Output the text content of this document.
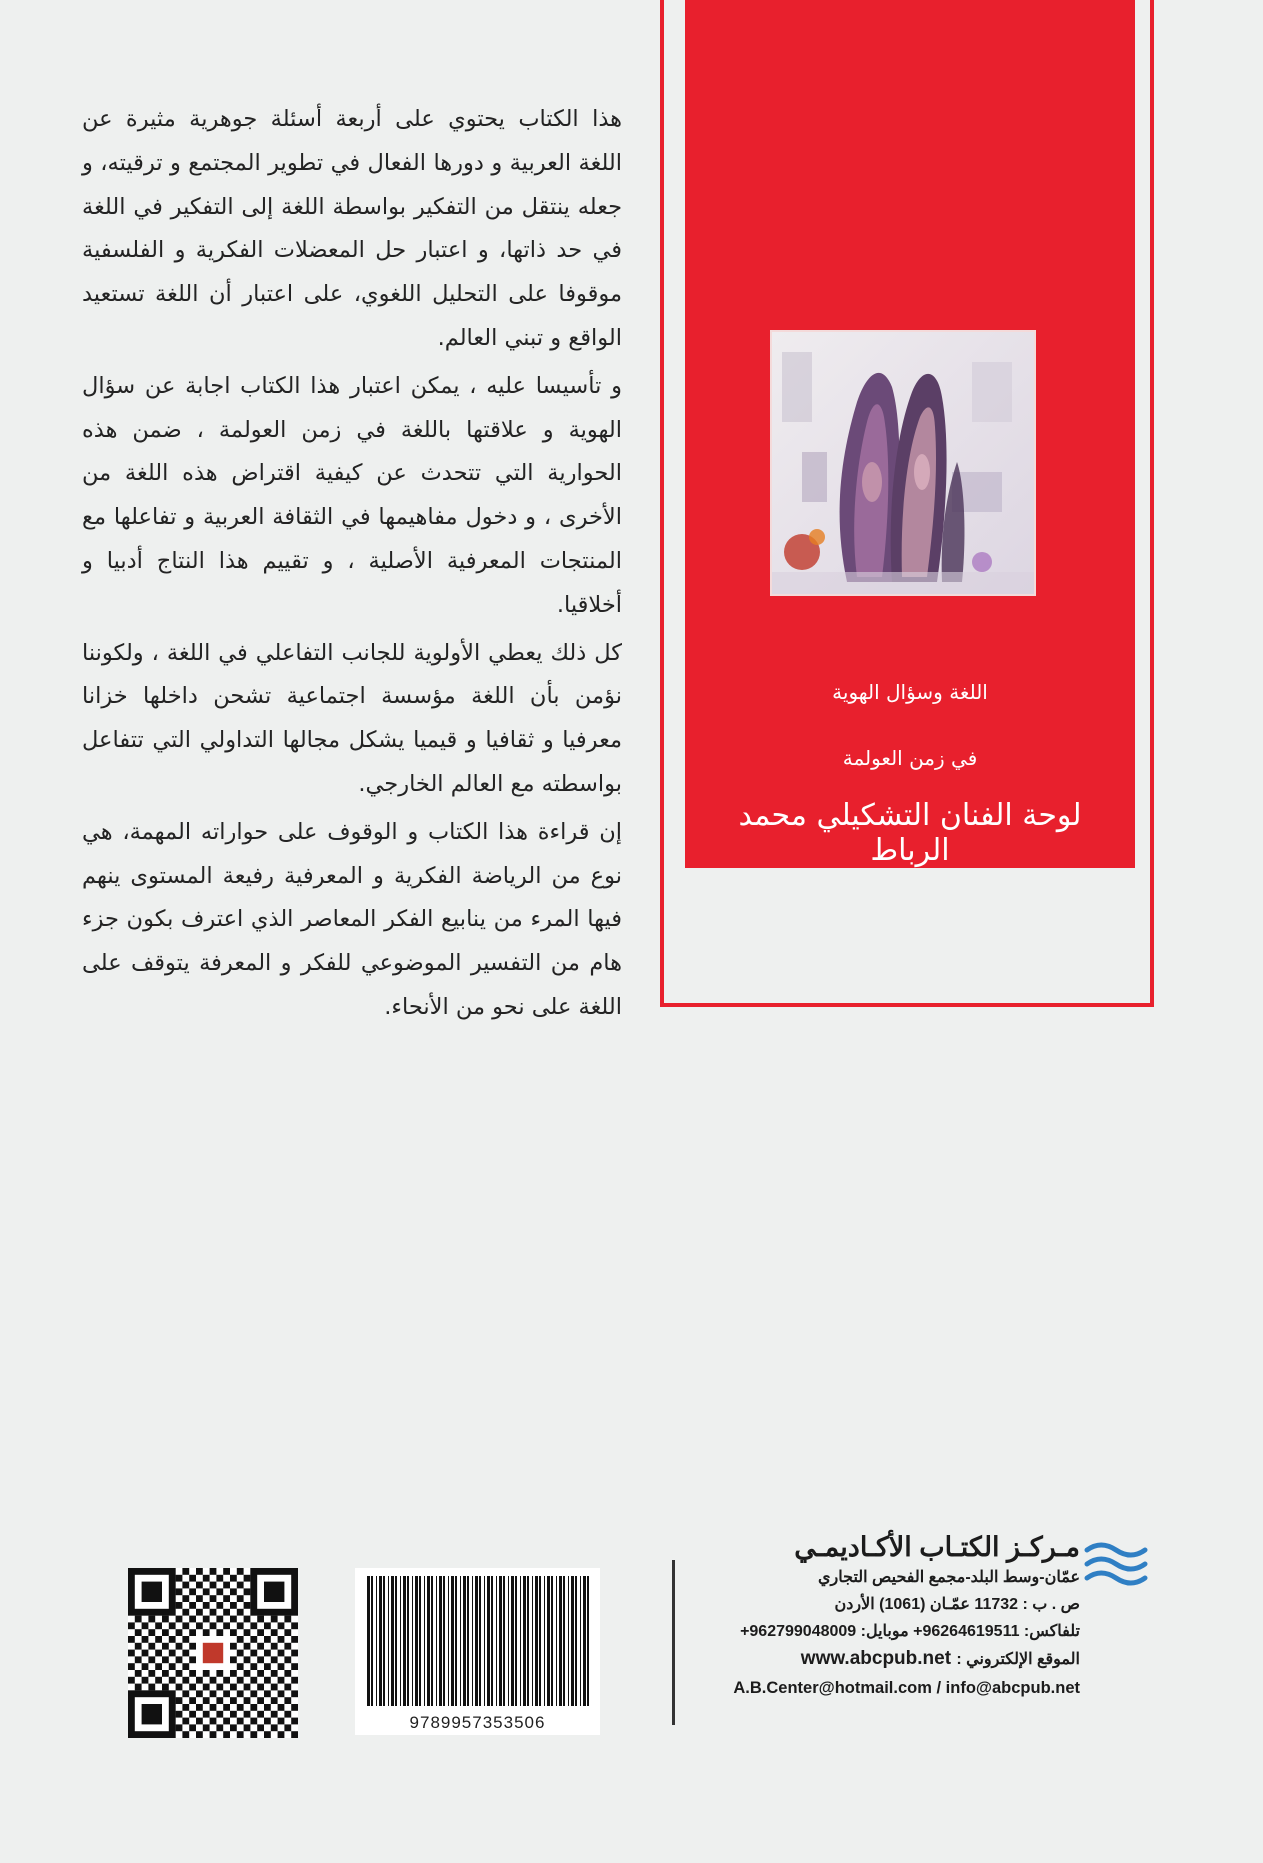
اللغة وسؤال الهوية
في زمن العولمة
لوحة الفنان التشكيلي محمد الرباط

هذا الكتاب يحتوي على أربعة أسئلة جوهرية مثيرة عن اللغة العربية و دورها الفعال في تطوير المجتمع و ترقيته، و جعله ينتقل من التفكير بواسطة اللغة إلى التفكير في اللغة في حد ذاتها، و اعتبار حل المعضلات الفكرية و الفلسفية موقوفا على التحليل اللغوي، على اعتبار أن اللغة تستعيد الواقع و تبني العالم.

و تأسيسا عليه ، يمكن اعتبار هذا الكتاب اجابة عن سؤال الهوية و علاقتها باللغة في زمن العولمة ، ضمن هذه الحوارية التي تتحدث عن كيفية اقتراض هذه اللغة من الأخرى ، و دخول مفاهيمها في الثقافة العربية و تفاعلها مع المنتجات المعرفية الأصلية ، و تقييم هذا النتاج أدبيا و أخلاقيا.

كل ذلك يعطي الأولوية للجانب التفاعلي في اللغة ، ولكوننا نؤمن بأن اللغة مؤسسة اجتماعية تشحن داخلها خزانا معرفيا و ثقافيا و قيميا يشكل مجالها التداولي التي تتفاعل بواسطته مع العالم الخارجي.

إن قراءة هذا الكتاب و الوقوف على حواراته المهمة، هي نوع من الرياضة الفكرية و المعرفية رفيعة المستوى ينهم فيها المرء من ينابيع الفكر المعاصر الذي اعترف بكون جزء هام من التفسير الموضوعي للفكر و المعرفة يتوقف على اللغة على نحو من الأنحاء.

مـركـز الكتـاب الأكـاديمـي
عمّان-وسط البلد-مجمع الفحيص التجاري
ص . ب : 11732 عمّـان (1061) الأردن
تلفاكس: 96264619511+ موبايل: 962799048009+
www.abcpub.net الموقع الإلكتروني :
A.B.Center@hotmail.com / info@abcpub.net
9789957353506
